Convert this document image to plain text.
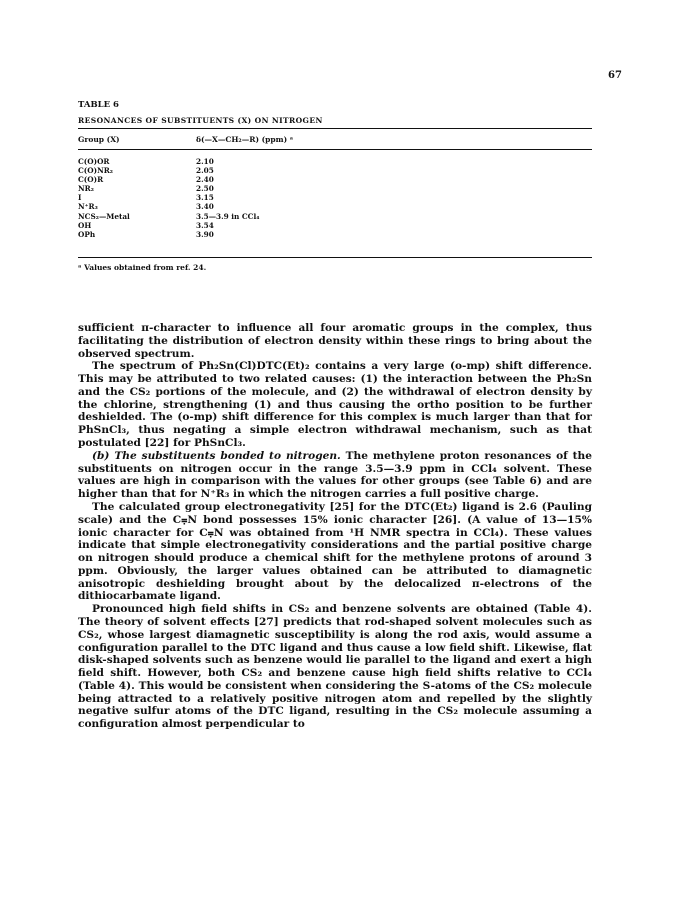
67
TABLE 6
RESONANCES OF SUBSTITUENTS (X) ON NITROGEN
Group (X)	δ(—X—CH₂—R) (ppm) ᵃ
C(O)OR	2.10
C(O)NR₂	2.05
C(O)R	2.40
NR₂	2.50
I	3.15
N⁺R₃	3.40
NCS₂—Metal	3.5—3.9 in CCl₄
OH	3.54
OPh	3.90
ᵃ Values obtained from ref. 24.

sufficient π-character to influence all four aromatic groups in the complex, thus facilitating the distribution of electron density within these rings to bring about the observed spectrum.

The spectrum of Ph₂Sn(Cl)DTC(Et)₂ contains a very large (o-mp) shift difference. This may be attributed to two related causes: (1) the interaction between the Ph₂Sn and the CS₂ portions of the molecule, and (2) the withdrawal of electron density by the chlorine, strengthening (1) and thus causing the ortho position to be further deshielded. The (o-mp) shift difference for this complex is much larger than that for PhSnCl₃, thus negating a simple electron withdrawal mechanism, such as that postulated [22] for PhSnCl₃.

(b) The substituents bonded to nitrogen. The methylene proton resonances of the substituents on nitrogen occur in the range 3.5—3.9 ppm in CCl₄ solvent. These values are high in comparison with the values for other groups (see Table 6) and are higher than that for N⁺R₃ in which the nitrogen carries a full positive charge.

The calculated group electronegativity [25] for the DTC(Et₂) ligand is 2.6 (Pauling scale) and the C⩦N bond possesses 15% ionic character [26]. (A value of 13—15% ionic character for C⩦N was obtained from ¹H NMR spectra in CCl₄). These values indicate that simple electronegativity considerations and the partial positive charge on nitrogen should produce a chemical shift for the methylene protons of around 3 ppm. Obviously, the larger values obtained can be attributed to diamagnetic anisotropic deshielding brought about by the delocalized π-electrons of the dithiocarbamate ligand.

Pronounced high field shifts in CS₂ and benzene solvents are obtained (Table 4). The theory of solvent effects [27] predicts that rod-shaped solvent molecules such as CS₂, whose largest diamagnetic susceptibility is along the rod axis, would assume a configuration parallel to the DTC ligand and thus cause a low field shift. Likewise, flat disk-shaped solvents such as benzene would lie parallel to the ligand and exert a high field shift. However, both CS₂ and benzene cause high field shifts relative to CCl₄ (Table 4). This would be consistent when considering the S-atoms of the CS₂ molecule being attracted to a relatively positive nitrogen atom and repelled by the slightly negative sulfur atoms of the DTC ligand, resulting in the CS₂ molecule assuming a configuration almost perpendicular to
